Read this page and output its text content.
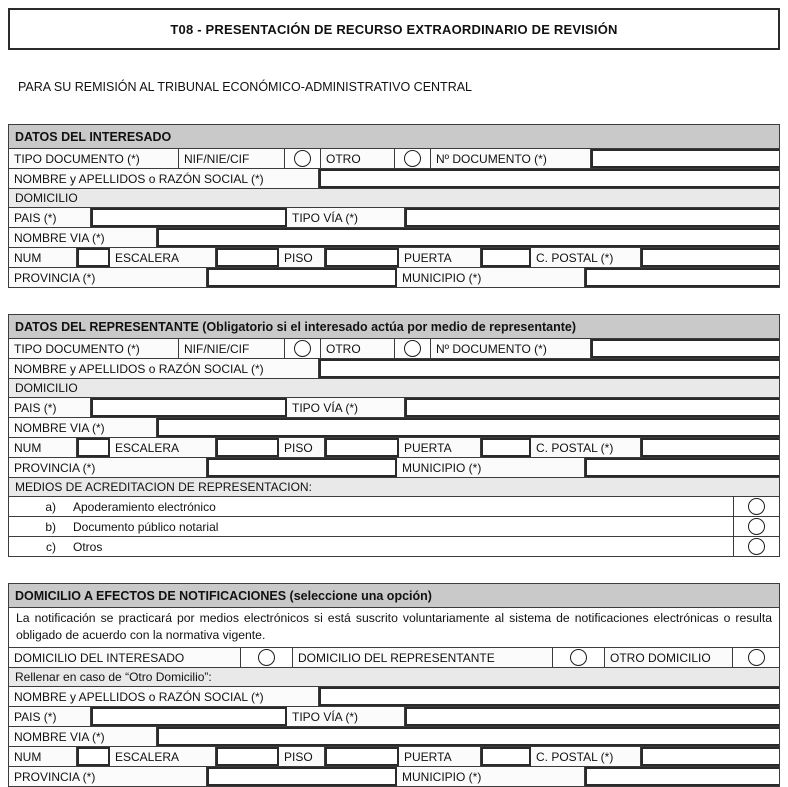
T08 - PRESENTACIÓN DE RECURSO EXTRAORDINARIO DE REVISIÓN
PARA SU REMISIÓN AL TRIBUNAL ECONÓMICO-ADMINISTRATIVO CENTRAL
DATOS DEL INTERESADO
TIPO DOCUMENTO (*)	NIF/NIE/CIF	OTRO	Nº DOCUMENTO (*)
NOMBRE y APELLIDOS o RAZÓN SOCIAL (*)
DOMICILIO
PAIS (*)	TIPO VÍA (*)
NOMBRE VIA (*)
NUM	ESCALERA	PISO	PUERTA	C. POSTAL (*)
PROVINCIA (*)	MUNICIPIO (*)
DATOS DEL REPRESENTANTE (Obligatorio si el interesado actúa por medio de representante)
TIPO DOCUMENTO (*)	NIF/NIE/CIF	OTRO	Nº DOCUMENTO (*)
NOMBRE y APELLIDOS o RAZÓN SOCIAL (*)
DOMICILIO
PAIS (*)	TIPO VÍA (*)
NOMBRE VIA (*)
NUM	ESCALERA	PISO	PUERTA	C. POSTAL (*)
PROVINCIA (*)	MUNICIPIO (*)
MEDIOS DE ACREDITACION DE REPRESENTACION:
a)	Apoderamiento electrónico
b)	Documento público notarial
c)	Otros
DOMICILIO A EFECTOS DE NOTIFICACIONES (seleccione una opción)
La notificación se practicará por medios electrónicos si está suscrito voluntariamente al sistema de notificaciones electrónicas o resulta obligado de acuerdo con la normativa vigente.
DOMICILIO DEL INTERESADO	DOMICILIO DEL REPRESENTANTE	OTRO DOMICILIO
Rellenar en caso de “Otro Domicilio”:
NOMBRE y APELLIDOS o RAZÓN SOCIAL (*)
PAIS (*)	TIPO VÍA (*)
NOMBRE VIA (*)
NUM	ESCALERA	PISO	PUERTA	C. POSTAL (*)
PROVINCIA (*)	MUNICIPIO (*)
